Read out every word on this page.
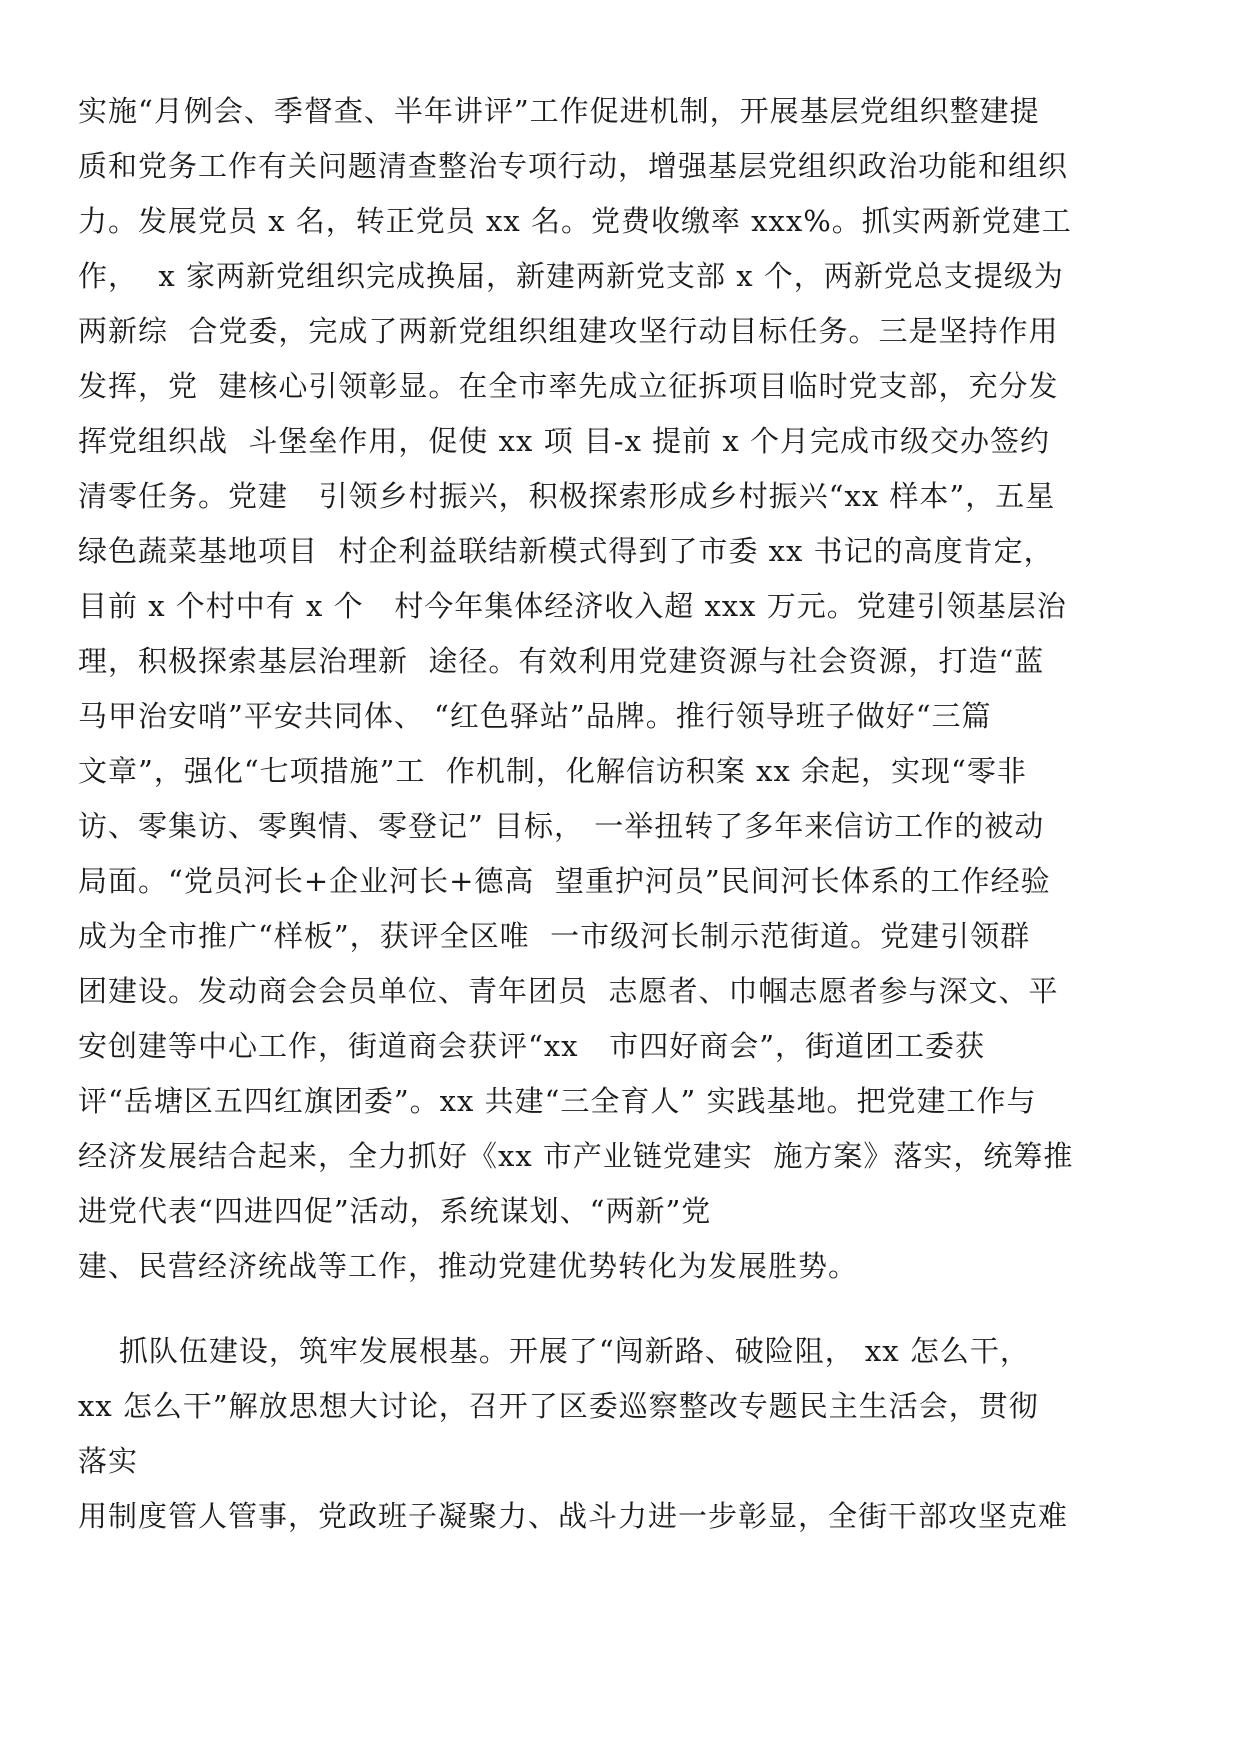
实施“月例会、季督查、半年讲评”工作促进机制，开展基层党组织整建提
质和党务工作有关问题清查整治专项行动，增强基层党组织政治功能和组织
力。发展党员 x 名，转正党员 xx 名。党费收缴率 xxx%。抓实两新党建工
作，  x 家两新党组织完成换届，新建两新党支部 x 个，两新党总支提级为
两新综  合党委，完成了两新党组织组建攻坚行动目标任务。三是坚持作用
发挥，党  建核心引领彰显。在全市率先成立征拆项目临时党支部，充分发
挥党组织战  斗堡垒作用，促使 xx 项 目-x 提前 x 个月完成市级交办签约
清零任务。党建   引领乡村振兴，积极探索形成乡村振兴“xx 样本”，五星
绿色蔬菜基地项目  村企利益联结新模式得到了市委 xx 书记的高度肯定，
目前 x 个村中有 x 个   村今年集体经济收入超 xxx 万元。党建引领基层治
理，积极探索基层治理新  途径。有效利用党建资源与社会资源，打造“蓝
马甲治安哨”平安共同体、 “红色驿站”品牌。推行领导班子做好“三篇
文章”，强化“七项措施”工  作机制，化解信访积案 xx 余起，实现“零非
访、零集访、零舆情、零登记” 目标， 一举扭转了多年来信访工作的被动
局面。“党员河长+企业河长+德高  望重护河员”民间河长体系的工作经验
成为全市推广“样板”，获评全区唯  一市级河长制示范街道。党建引领群
团建设。发动商会会员单位、青年团员  志愿者、巾帼志愿者参与深文、平
安创建等中心工作，街道商会获评“xx   市四好商会”，街道团工委获
评“岳塘区五四红旗团委”。xx 共建“三全育人” 实践基地。把党建工作与
经济发展结合起来，全力抓好《xx 市产业链党建实  施方案》落实，统筹推
进党代表“四进四促”活动，系统谋划、“两新”党
建、民营经济统战等工作，推动党建优势转化为发展胜势。
抓队伍建设，筑牢发展根基。开展了“闯新路、破险阻， xx 怎么干，
xx 怎么干”解放思想大讨论，召开了区委巡察整改专题民主生活会，贯彻
落实
用制度管人管事，党政班子凝聚力、战斗力进一步彰显，全街干部攻坚克难
